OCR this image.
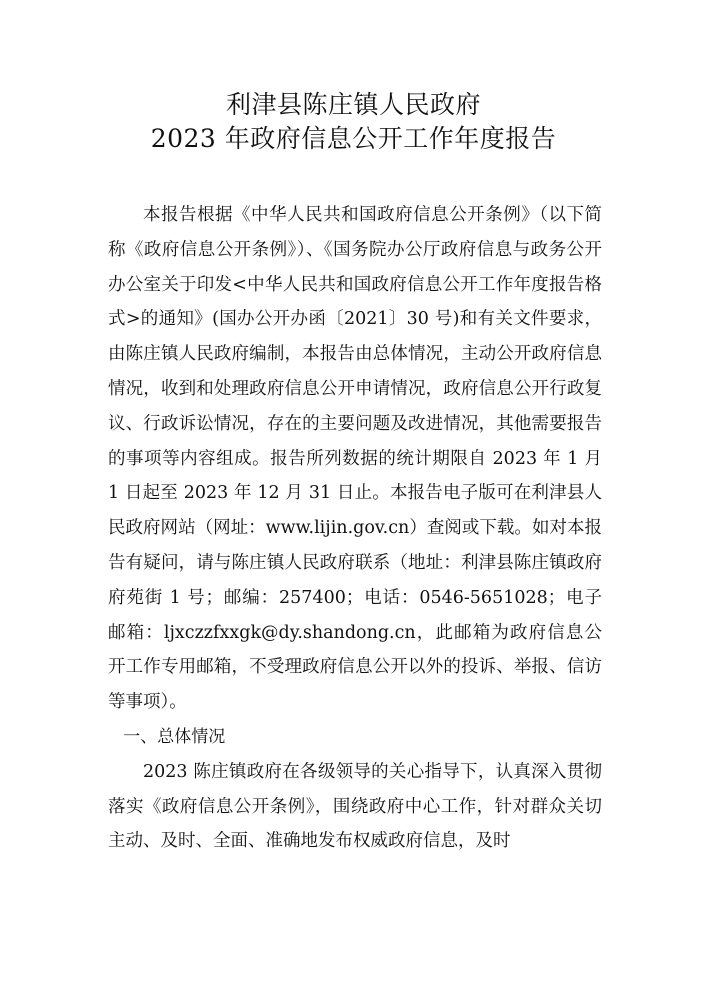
利津县陈庄镇人民政府
2023 年政府信息公开工作年度报告

本报告根据《中华人民共和国政府信息公开条例》（以下简称《政府信息公开条例》）、《国务院办公厅政府信息与政务公开办公室关于印发<中华人民共和国政府信息公开工作年度报告格式>的通知》(国办公开办函〔2021〕30 号)和有关文件要求，由陈庄镇人民政府编制，本报告由总体情况，主动公开政府信息情况，收到和处理政府信息公开申请情况，政府信息公开行政复议、行政诉讼情况，存在的主要问题及改进情况，其他需要报告的事项等内容组成。报告所列数据的统计期限自 2023 年 1 月 1 日起至 2023 年 12 月 31 日止。本报告电子版可在利津县人民政府网站（网址：www.lijin.gov.cn）查阅或下载。如对本报告有疑问，请与陈庄镇人民政府联系（地址：利津县陈庄镇政府府苑街 1 号；邮编：257400；电话：0546-5651028；电子邮箱：ljxczzfxxgk@dy.shandong.cn，此邮箱为政府信息公开工作专用邮箱，不受理政府信息公开以外的投诉、举报、信访等事项）。

一、总体情况

2023 陈庄镇政府在各级领导的关心指导下，认真深入贯彻落实《政府信息公开条例》，围绕政府中心工作，针对群众关切主动、及时、全面、准确地发布权威政府信息，及时
